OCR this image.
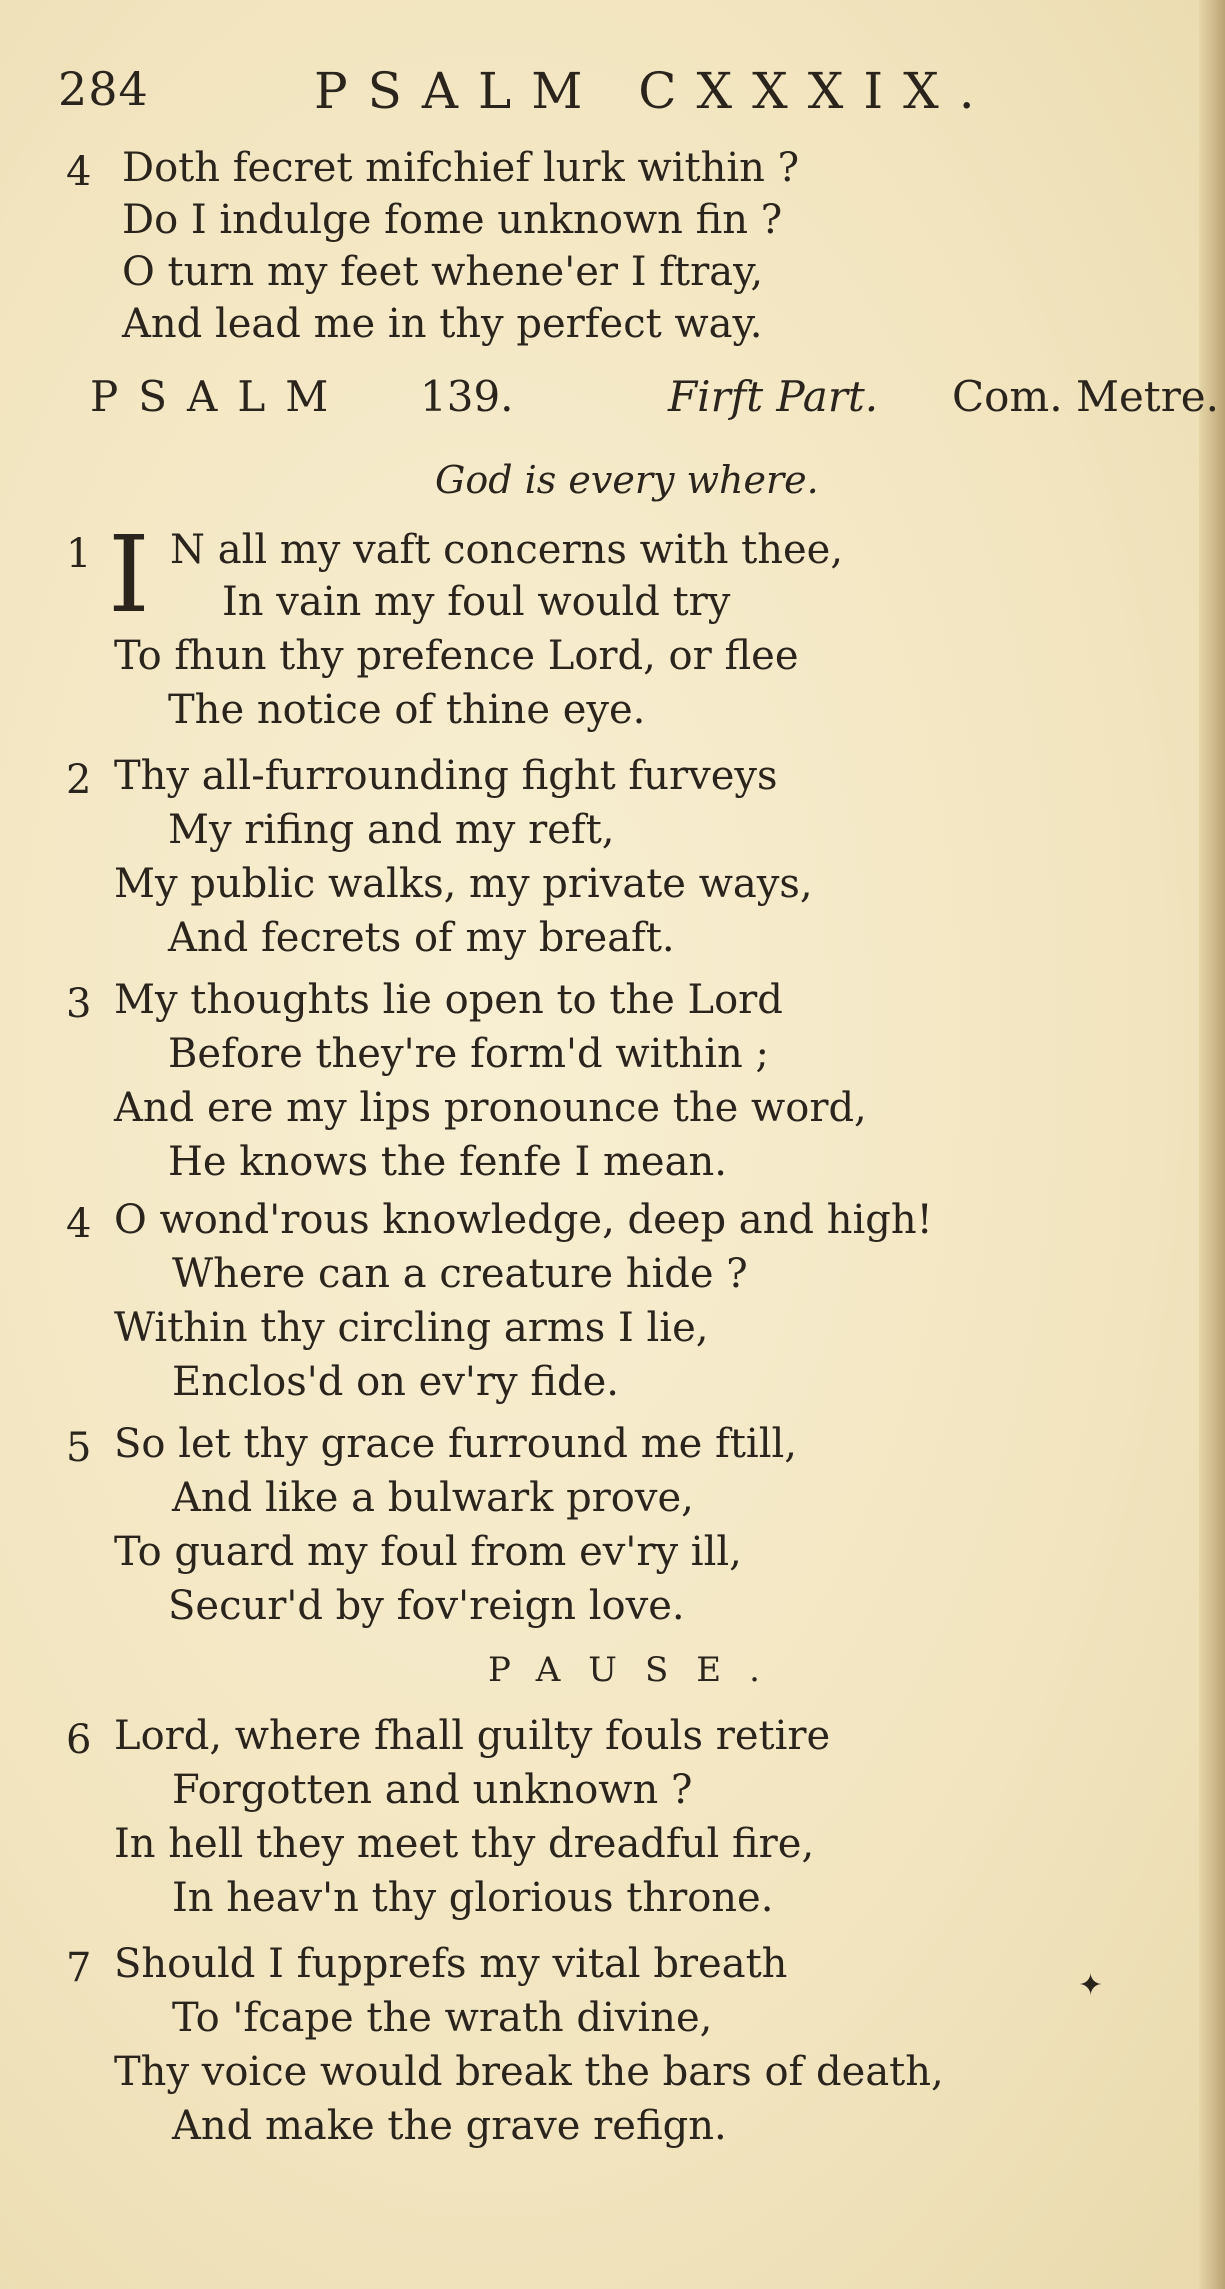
284	PSALM CXXXIX.
4 Doth fecret mifchief lurk within ?
Do I indulge fome unknown fin ?
O turn my feet whene'er I ftray,
And lead me in thy perfect way.
PSALM 139.	Firft Part. Com. Metre.
God is every where.
1 I N all my vaft concerns with thee,
In vain my foul would try
To fhun thy prefence Lord, or flee
The notice of thine eye.
2 Thy all-furrounding fight furveys
My rifing and my reft,
My public walks, my private ways,
And fecrets of my breaft.
3 My thoughts lie open to the Lord
Before they're form'd within ;
And ere my lips pronounce the word,
He knows the fenfe I mean.
4 O wond'rous knowledge, deep and high!
Where can a creature hide ?
Within thy circling arms I lie,
Enclos'd on ev'ry fide.
5 So let thy grace furround me ftill,
And like a bulwark prove,
To guard my foul from ev'ry ill,
Secur'd by fov'reign love.
PAUSE.
6 Lord, where fhall guilty fouls retire
Forgotten and unknown ?
In hell they meet thy dreadful fire,
In heav'n thy glorious throne.
7 Should I fupprefs my vital breath
To 'fcape the wrath divine,
Thy voice would break the bars of death,
And make the grave refign.
✦
